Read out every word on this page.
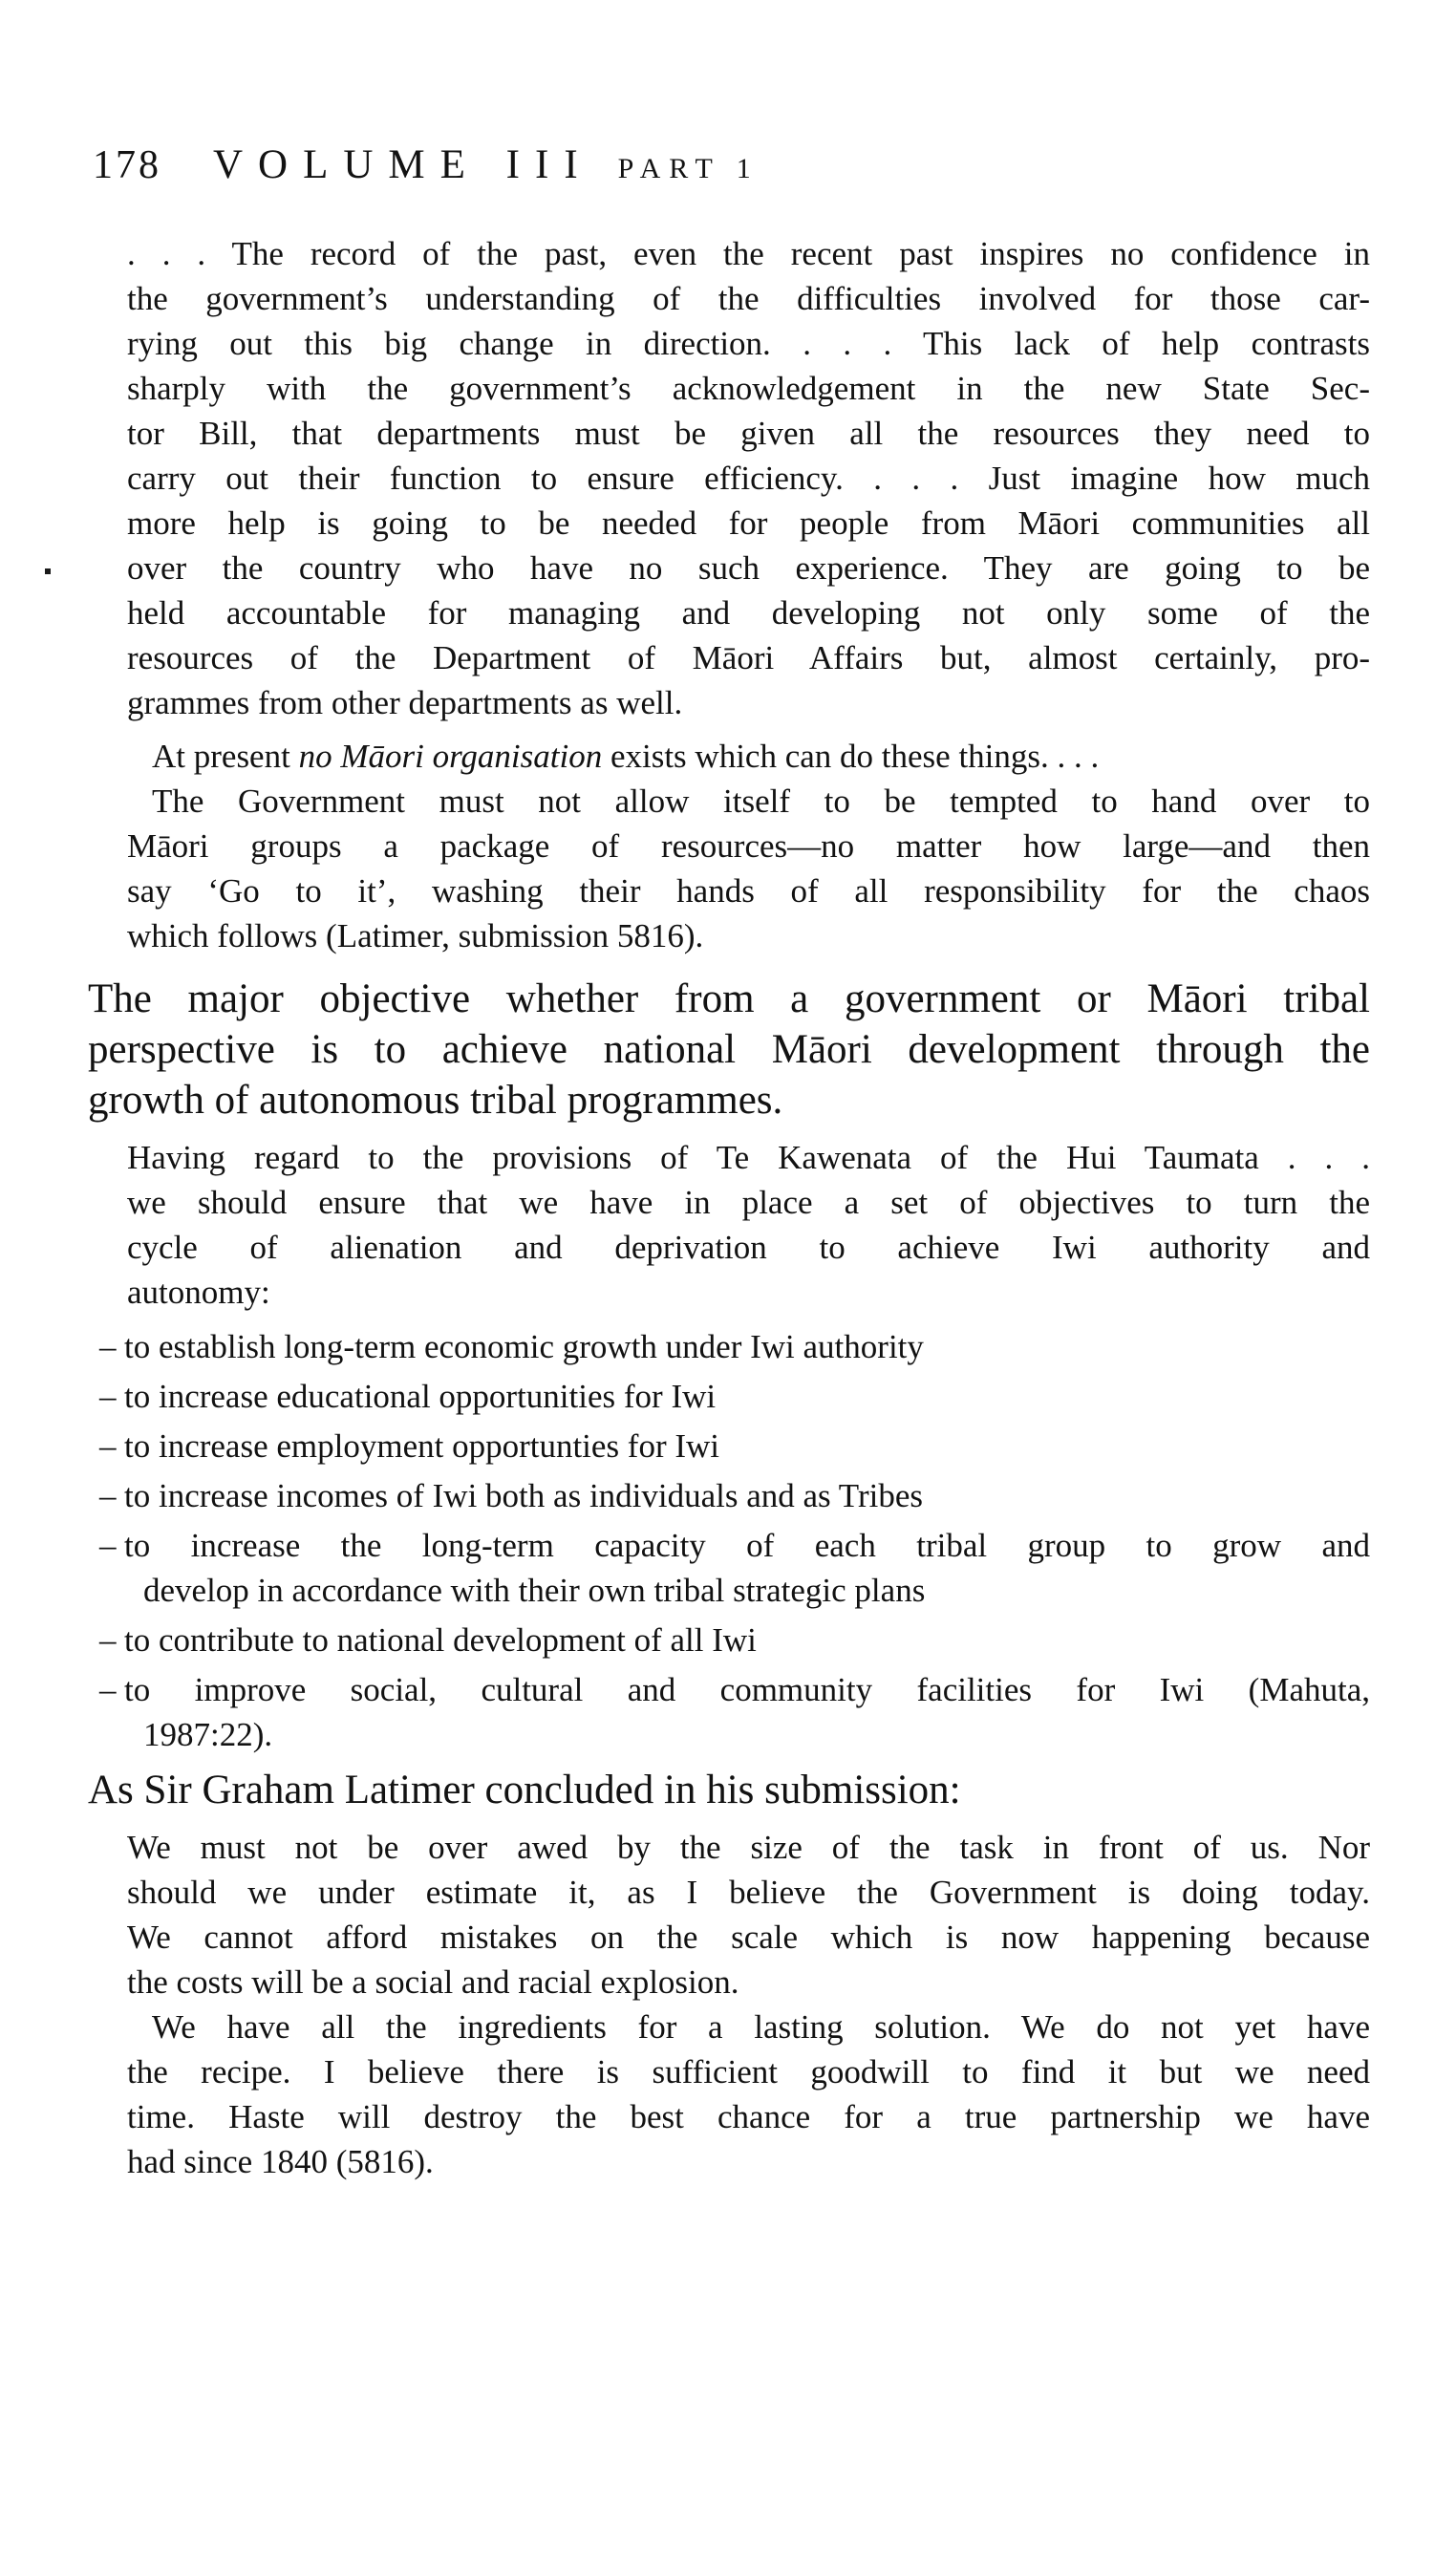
178 VOLUME III PART 1
. . . The record of the past, even the recent past inspires no confidence in
the government’s understanding of the difficulties involved for those car-
rying out this big change in direction. . . . This lack of help contrasts
sharply with the government’s acknowledgement in the new State Sec-
tor Bill, that departments must be given all the resources they need to
carry out their function to ensure efficiency. . . . Just imagine how much
more help is going to be needed for people from Māori communities all
over the country who have no such experience. They are going to be
held accountable for managing and developing not only some of the
resources of the Department of Māori Affairs but, almost certainly, pro-
grammes from other departments as well.
At present no Māori organisation exists which can do these things. . . .
The Government must not allow itself to be tempted to hand over to
Māori groups a package of resources—no matter how large—and then
say ‘Go to it’, washing their hands of all responsibility for the chaos
which follows (Latimer, submission 5816).
The major objective whether from a government or Māori tribal
perspective is to achieve national Māori development through the
growth of autonomous tribal programmes.
Having regard to the provisions of Te Kawenata of the Hui Taumata . . .
we should ensure that we have in place a set of objectives to turn the
cycle of alienation and deprivation to achieve Iwi authority and
autonomy:
– to establish long-term economic growth under Iwi authority
– to increase educational opportunities for Iwi
– to increase employment opportunties for Iwi
– to increase incomes of Iwi both as individuals and as Tribes
– to increase the long-term capacity of each tribal group to grow and
develop in accordance with their own tribal strategic plans
– to contribute to national development of all Iwi
– to improve social, cultural and community facilities for Iwi (Mahuta,
1987:22).
As Sir Graham Latimer concluded in his submission:
We must not be over awed by the size of the task in front of us. Nor
should we under estimate it, as I believe the Government is doing today.
We cannot afford mistakes on the scale which is now happening because
the costs will be a social and racial explosion.
We have all the ingredients for a lasting solution. We do not yet have
the recipe. I believe there is sufficient goodwill to find it but we need
time. Haste will destroy the best chance for a true partnership we have
had since 1840 (5816).
